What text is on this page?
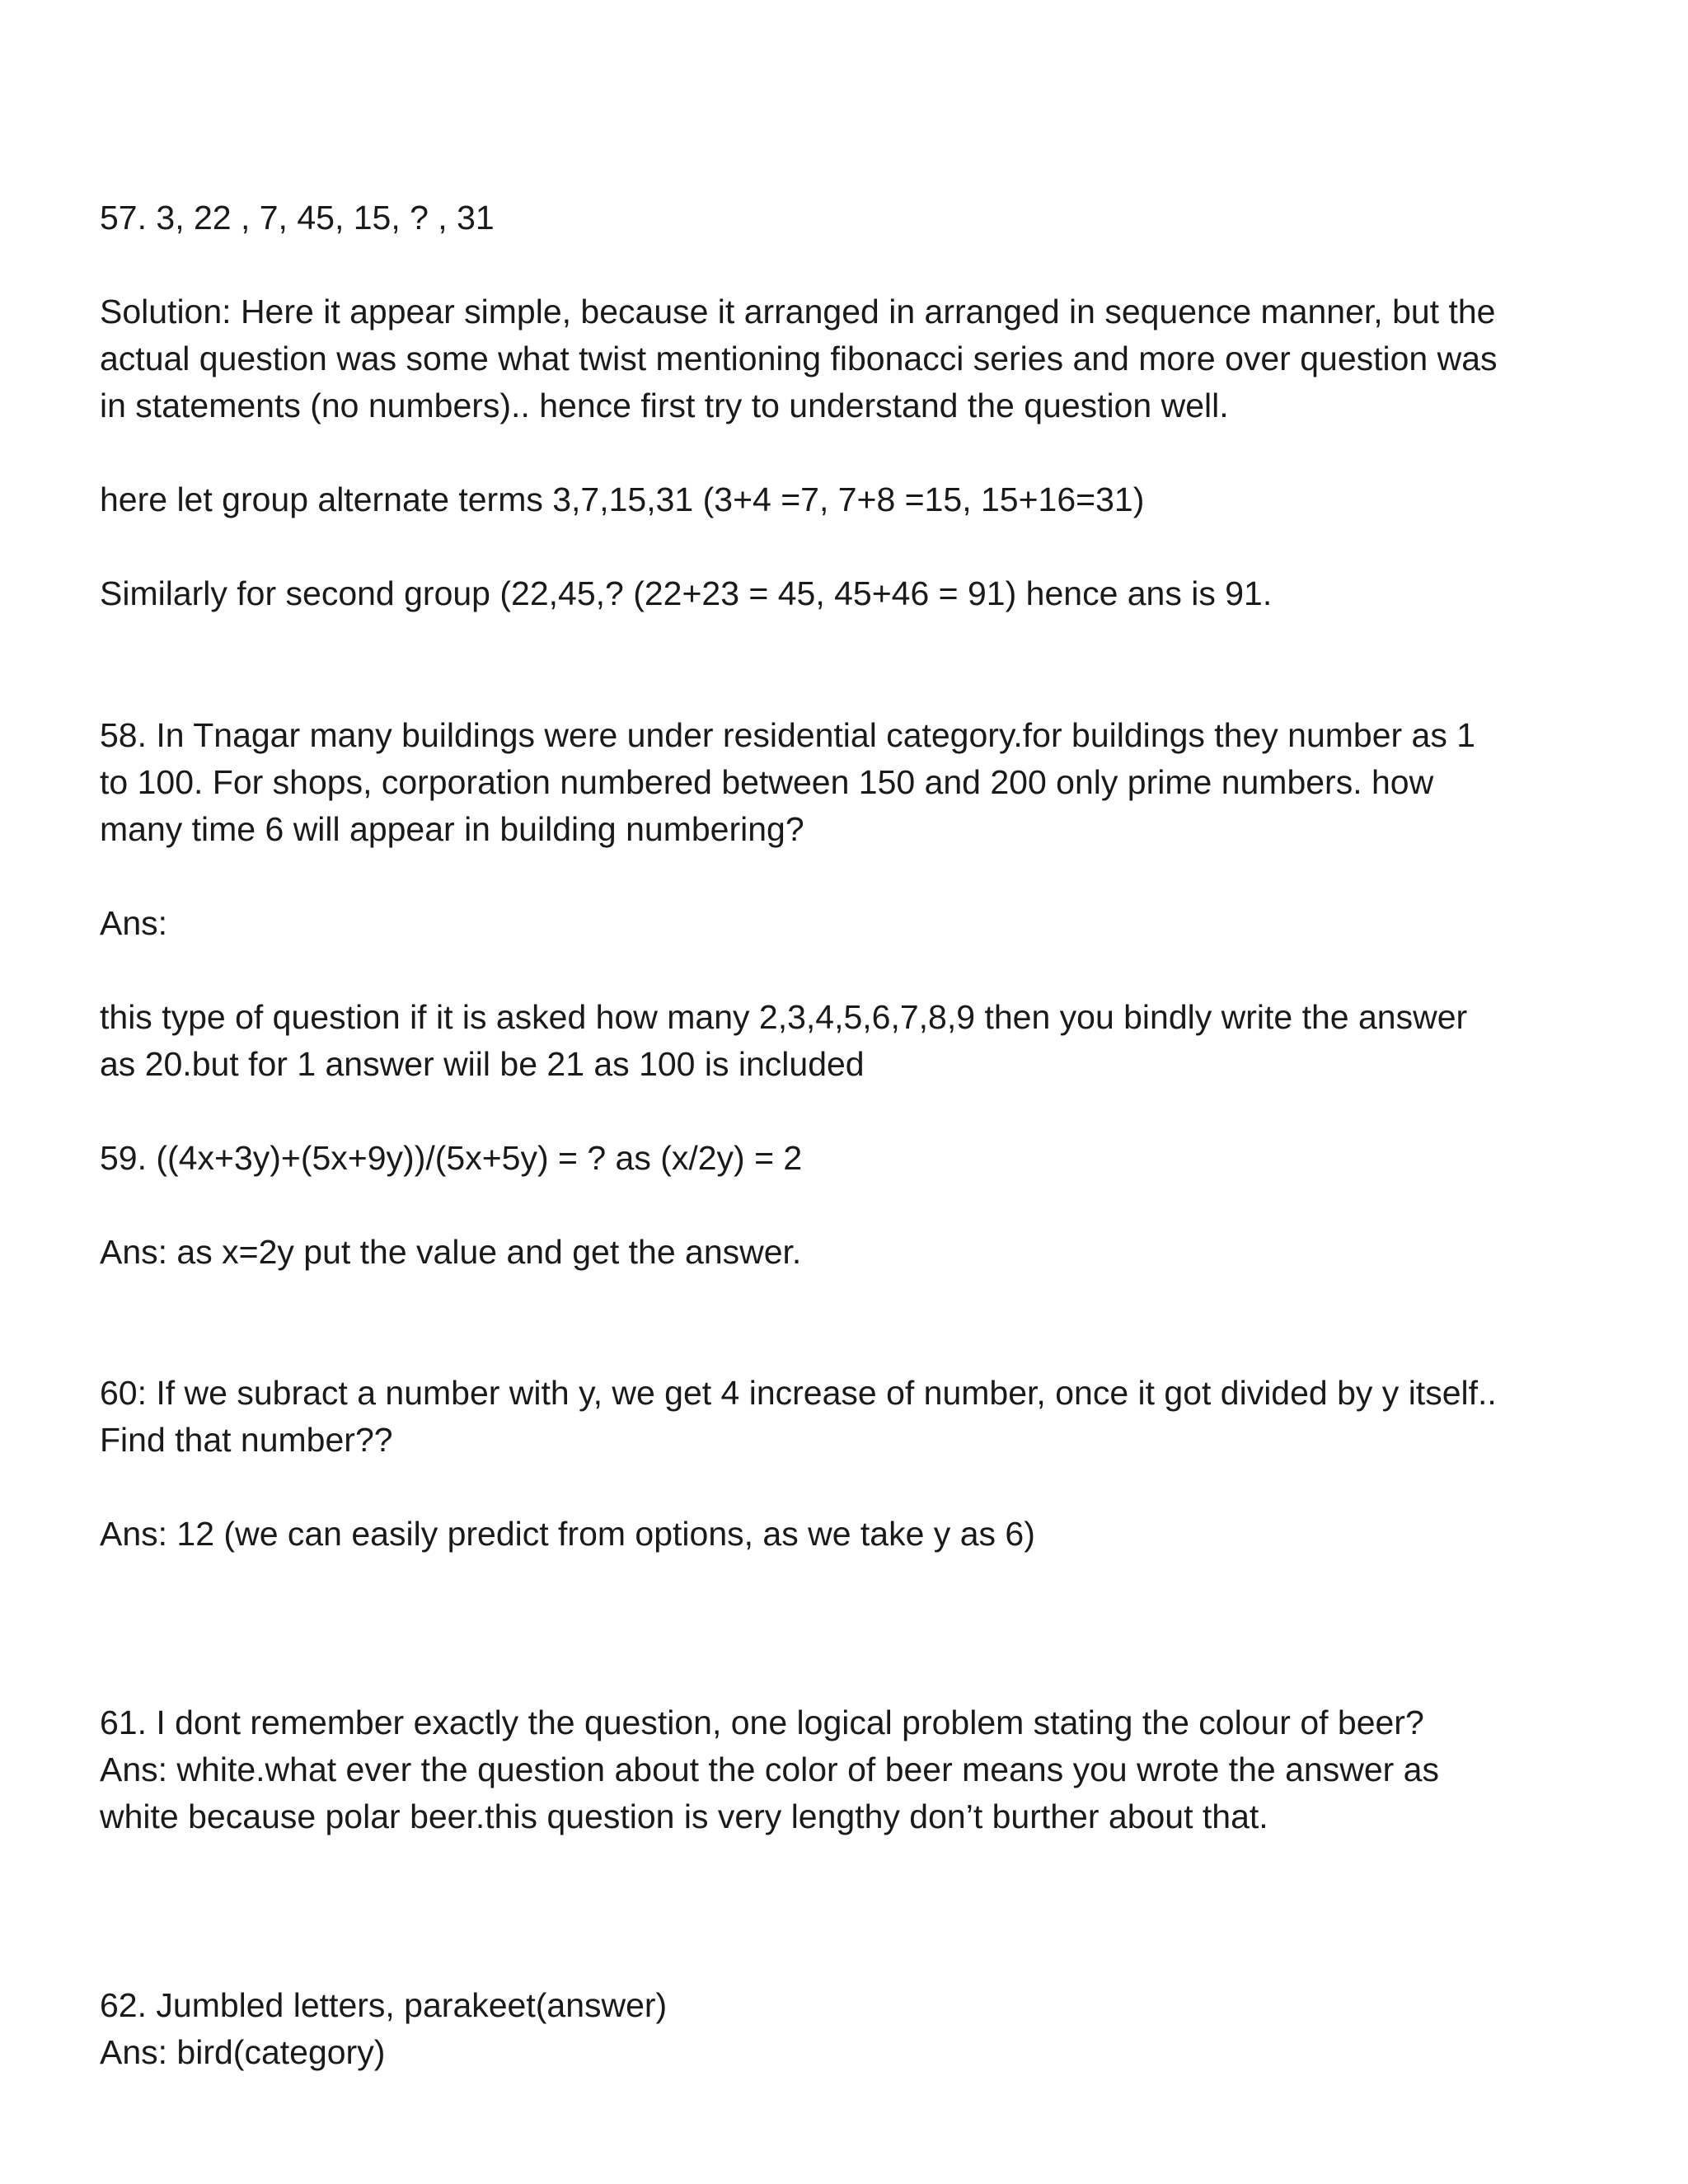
57. 3, 22 , 7, 45, 15, ? , 31

Solution: Here it appear simple, because it arranged in arranged in sequence manner, but the
actual question was some what twist mentioning fibonacci series and more over question was
in statements (no numbers).. hence first try to understand the question well.

here let group alternate terms 3,7,15,31 (3+4 =7, 7+8 =15, 15+16=31)

Similarly for second group (22,45,? (22+23 = 45, 45+46 = 91) hence ans is 91.

58. In Tnagar many buildings were under residential category.for buildings they number as 1
to 100. For shops, corporation numbered between 150 and 200 only prime numbers. how
many time 6 will appear in building numbering?

Ans:

this type of question if it is asked how many 2,3,4,5,6,7,8,9 then you bindly write the answer
as 20.but for 1 answer wiil be 21 as 100 is included

59. ((4x+3y)+(5x+9y))/(5x+5y) = ? as (x/2y) = 2

Ans: as x=2y put the value and get the answer.

60: If we subract a number with y, we get 4 increase of number, once it got divided by y itself..
Find that number??

Ans: 12 (we can easily predict from options, as we take y as 6)

61. I dont remember exactly the question, one logical problem stating the colour of beer?
Ans: white.what ever the question about the color of beer means you wrote the answer as
white because polar beer.this question is very lengthy don’t burther about that.

62. Jumbled letters, parakeet(answer)
Ans: bird(category)
